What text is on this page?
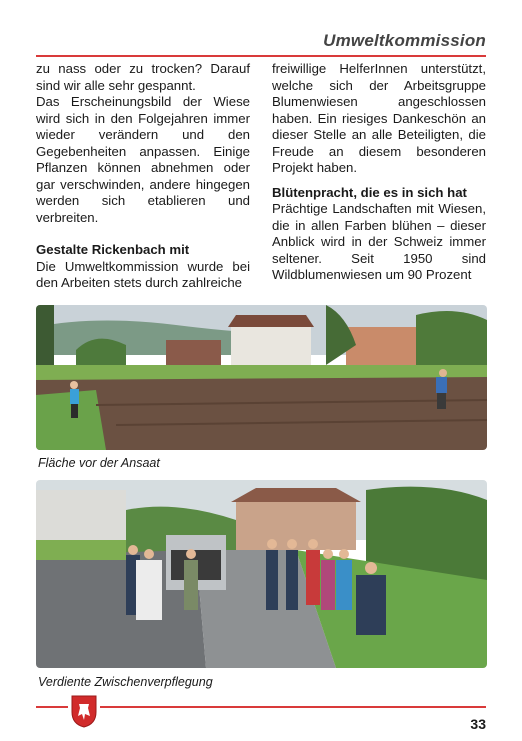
Umweltkommission

zu nass oder zu trocken? Darauf sind wir alle sehr gespannt.

Das Erscheinungsbild der Wiese wird sich in den Folgejahren immer wieder verändern und den Gegebenheiten anpassen. Einige Pflanzen können abnehmen oder gar verschwinden, andere hingegen werden sich etablieren und verbreiten.

Gestalte Rickenbach mit

Die Umweltkommission wurde bei den Arbeiten stets durch zahlreiche

freiwillige HelferInnen unterstützt, welche sich der Arbeitsgruppe Blumenwiesen angeschlossen haben. Ein riesiges Dankeschön an dieser Stelle an alle Beteiligten, die Freude an diesem besonderen Projekt haben.

Blütenpracht, die es in sich hat

Prächtige Landschaften mit Wiesen, die in allen Farben blühen – dieser Anblick wird in der Schweiz immer seltener. Seit 1950 sind Wildblumenwiesen um 90 Prozent

Fläche vor der Ansaat
Verdiente Zwischenverpflegung
33
